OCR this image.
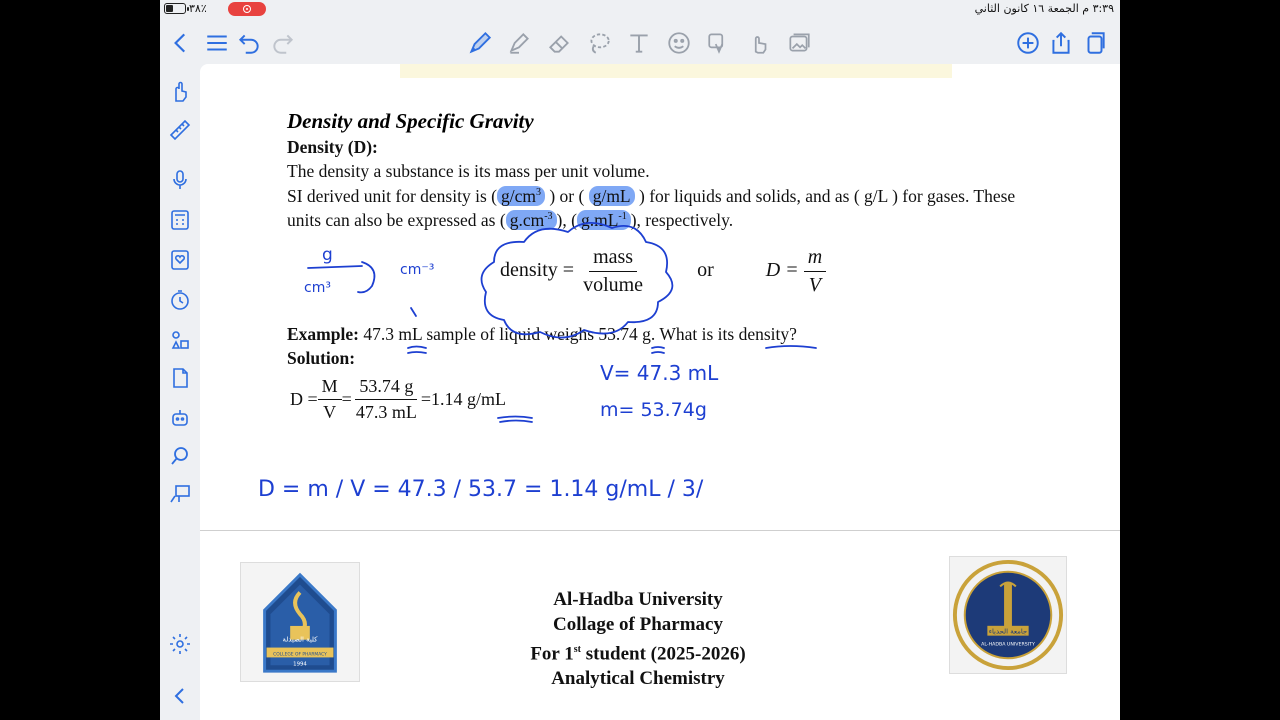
٣٨٪	٣:٣٩ م الجمعة ١٦ كانون الثاني
Density and Specific Gravity
Density (D):
The density a substance is its mass per unit volume.
SI derived unit for density is ( $g/cm^3$ ) or ( g/mL ) for liquids and solids, and as ( g/L ) for gases. These
units can also be expressed as ( $g.cm^{-3}$ ), ( $g.mL^{-1}$ ), respectively.
density = $\frac{\text{mass}}{\text{volume}}$	or	$D = \frac{m}{V}$
Example: 47.3 mL sample of liquid weighs 53.74 g. What is its density?
Solution:
$D = \frac{M}{V} = \frac{53.74 g}{47.3 mL} =1.14$ g/mL
g
cm³
cm⁻³
V= 47.3 mL
m= 53.74g
D = m / V = 47.3 / 53.7 = 1.14 g/mL / 3/
كلية الصيدلة
COLLEGE OF PHARMACY
1994
Al-Hadba University
Collage of Pharmacy
For 1st student (2025-2026)
Analytical Chemistry
جامعة الحدباء
AL-HADBA UNIVERSITY
1994
